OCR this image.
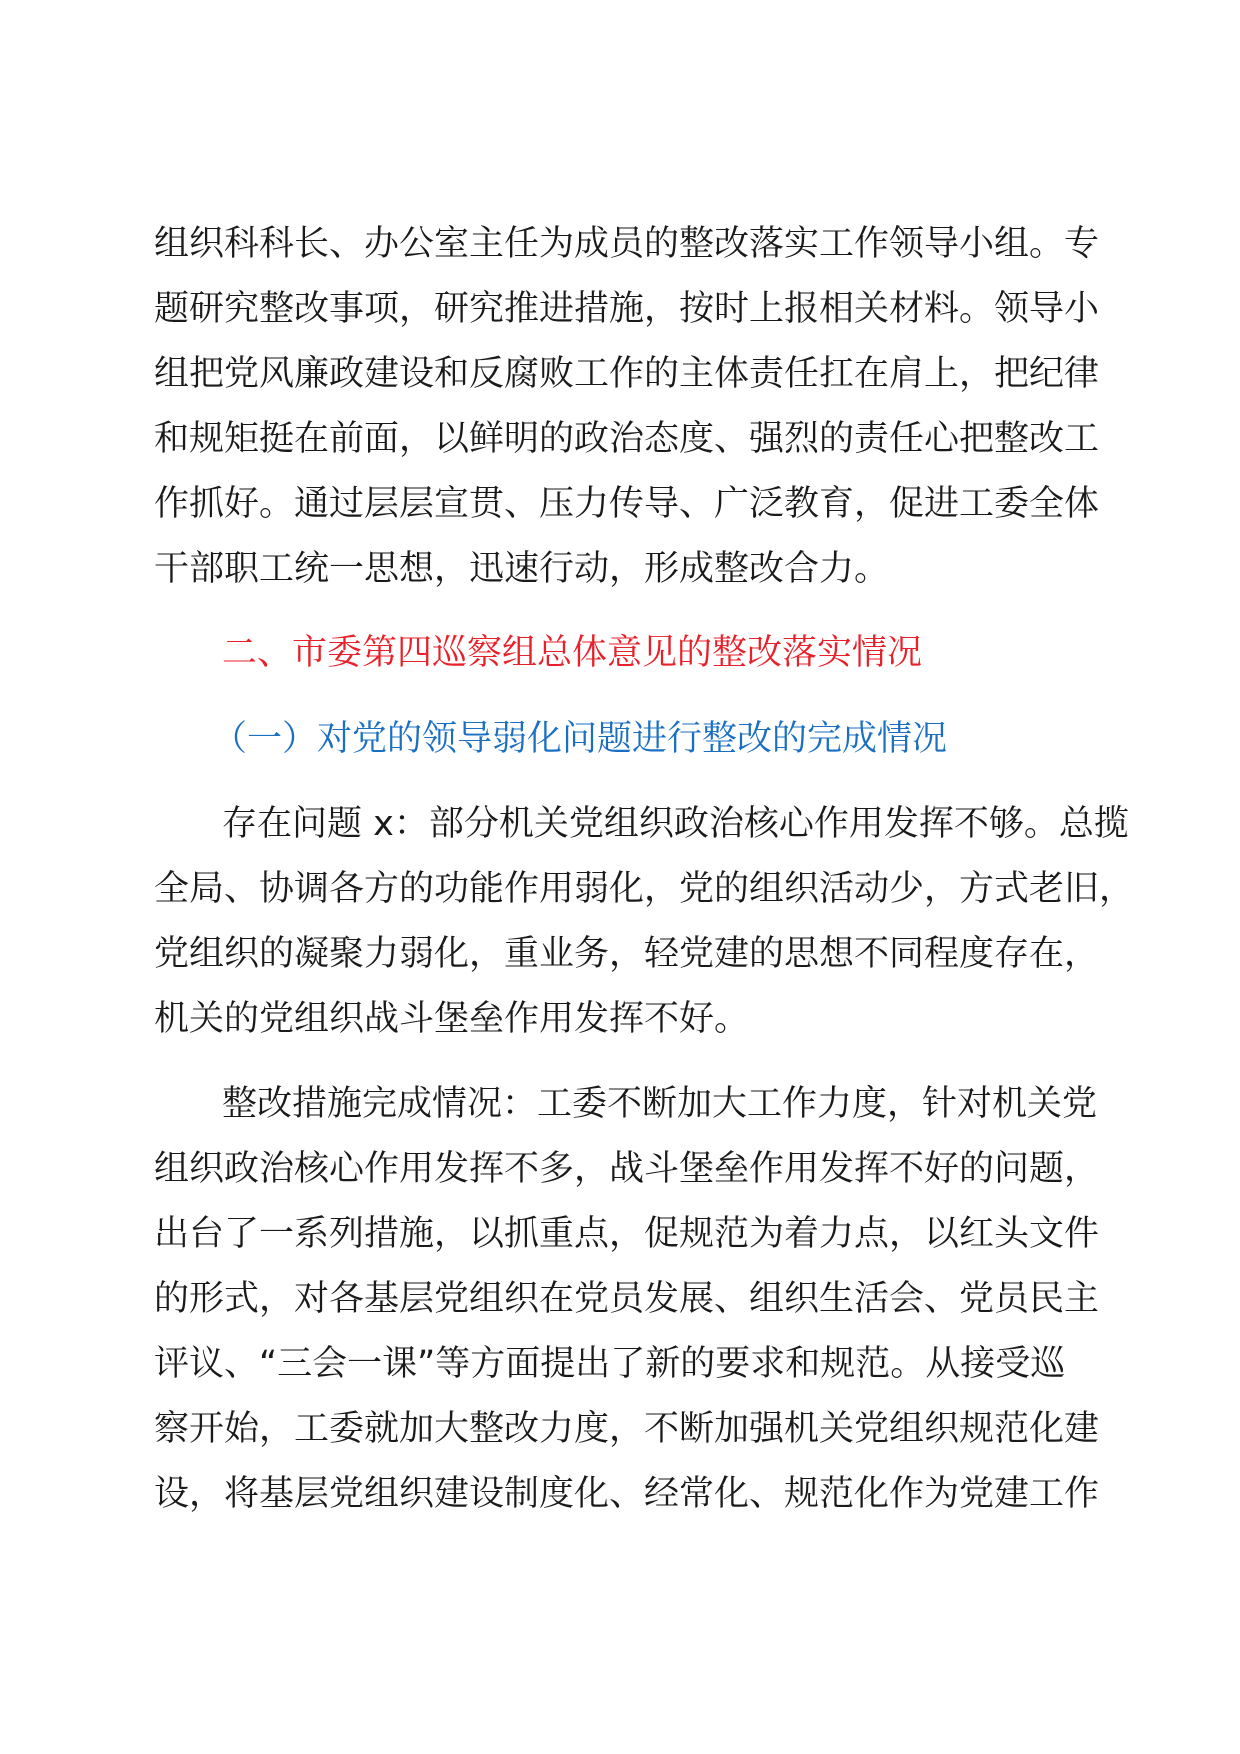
组织科科长、办公室主任为成员的整改落实工作领导小组。专
题研究整改事项，研究推进措施，按时上报相关材料。领导小
组把党风廉政建设和反腐败工作的主体责任扛在肩上，把纪律
和规矩挺在前面，以鲜明的政治态度、强烈的责任心把整改工
作抓好。通过层层宣贯、压力传导、广泛教育，促进工委全体
干部职工统一思想，迅速行动，形成整改合力。
二、市委第四巡察组总体意见的整改落实情况
（一）对党的领导弱化问题进行整改的完成情况
存在问题 x：部分机关党组织政治核心作用发挥不够。总揽
全局、协调各方的功能作用弱化，党的组织活动少，方式老旧，
党组织的凝聚力弱化，重业务，轻党建的思想不同程度存在，
机关的党组织战斗堡垒作用发挥不好。
整改措施完成情况：工委不断加大工作力度，针对机关党
组织政治核心作用发挥不多，战斗堡垒作用发挥不好的问题，
出台了一系列措施，以抓重点，促规范为着力点，以红头文件
的形式，对各基层党组织在党员发展、组织生活会、党员民主
评议、“三会一课”等方面提出了新的要求和规范。从接受巡
察开始，工委就加大整改力度，不断加强机关党组织规范化建
设，将基层党组织建设制度化、经常化、规范化作为党建工作
